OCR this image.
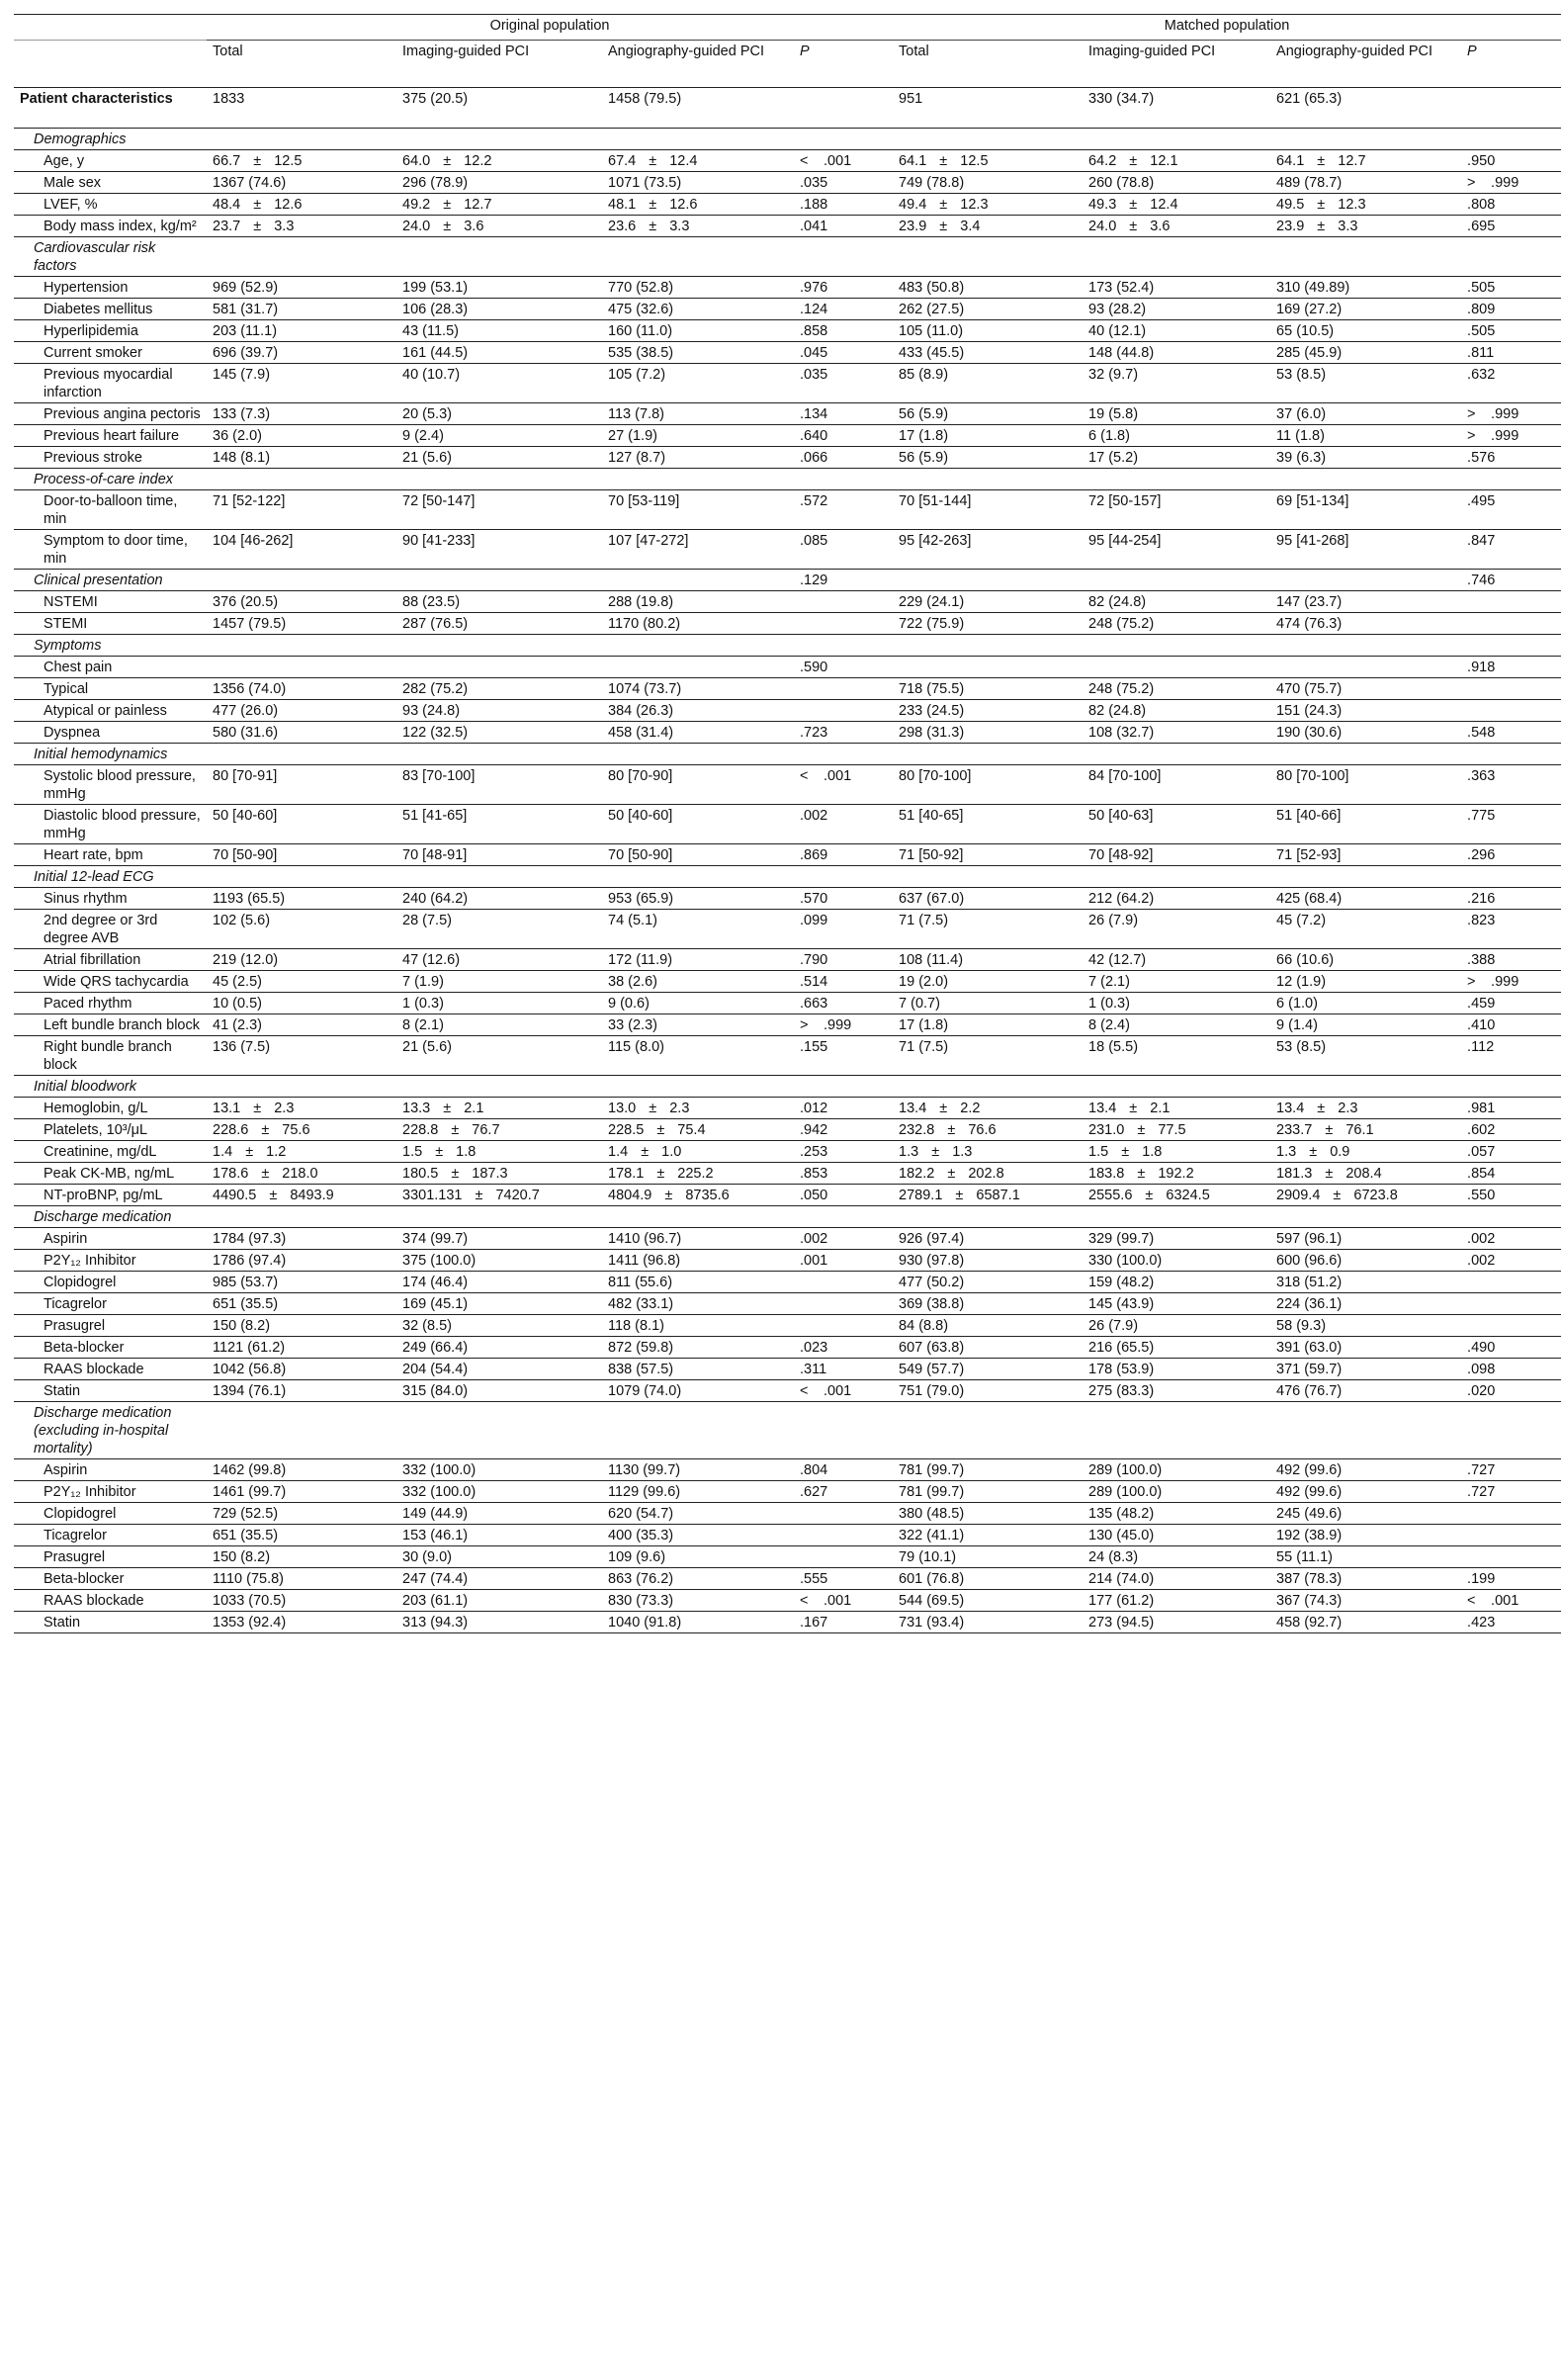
	Original population				Matched population			
	Total	Imaging-guided PCI	Angiography-guided PCI	P	Total	Imaging-guided PCI	Angiography-guided PCI	P
Patient characteristics	1833	375 (20.5)	1458 (79.5)		951	330 (34.7)	621 (65.3)	
Demographics								
Age, y	66.7 ± 12.5	64.0 ± 12.2	67.4 ± 12.4	< .001	64.1 ± 12.5	64.2 ± 12.1	64.1 ± 12.7	.950
Male sex	1367 (74.6)	296 (78.9)	1071 (73.5)	.035	749 (78.8)	260 (78.8)	489 (78.7)	> .999
LVEF, %	48.4 ± 12.6	49.2 ± 12.7	48.1 ± 12.6	.188	49.4 ± 12.3	49.3 ± 12.4	49.5 ± 12.3	.808
Body mass index, kg/m²	23.7 ± 3.3	24.0 ± 3.6	23.6 ± 3.3	.041	23.9 ± 3.4	24.0 ± 3.6	23.9 ± 3.3	.695
Cardiovascular risk factors								
Hypertension	969 (52.9)	199 (53.1)	770 (52.8)	.976	483 (50.8)	173 (52.4)	310 (49.89)	.505
Diabetes mellitus	581 (31.7)	106 (28.3)	475 (32.6)	.124	262 (27.5)	93 (28.2)	169 (27.2)	.809
Hyperlipidemia	203 (11.1)	43 (11.5)	160 (11.0)	.858	105 (11.0)	40 (12.1)	65 (10.5)	.505
Current smoker	696 (39.7)	161 (44.5)	535 (38.5)	.045	433 (45.5)	148 (44.8)	285 (45.9)	.811
Previous myocardial infarction	145 (7.9)	40 (10.7)	105 (7.2)	.035	85 (8.9)	32 (9.7)	53 (8.5)	.632
Previous angina pectoris	133 (7.3)	20 (5.3)	113 (7.8)	.134	56 (5.9)	19 (5.8)	37 (6.0)	> .999
Previous heart failure	36 (2.0)	9 (2.4)	27 (1.9)	.640	17 (1.8)	6 (1.8)	11 (1.8)	> .999
Previous stroke	148 (8.1)	21 (5.6)	127 (8.7)	.066	56 (5.9)	17 (5.2)	39 (6.3)	.576
Process-of-care index								
Door-to-balloon time, min	71 [52-122]	72 [50-147]	70 [53-119]	.572	70 [51-144]	72 [50-157]	69 [51-134]	.495
Symptom to door time, min	104 [46-262]	90 [41-233]	107 [47-272]	.085	95 [42-263]	95 [44-254]	95 [41-268]	.847
Clinical presentation				.129				.746
NSTEMI	376 (20.5)	88 (23.5)	288 (19.8)		229 (24.1)	82 (24.8)	147 (23.7)	
STEMI	1457 (79.5)	287 (76.5)	1170 (80.2)		722 (75.9)	248 (75.2)	474 (76.3)	
Symptoms								
Chest pain				.590				.918
Typical	1356 (74.0)	282 (75.2)	1074 (73.7)		718 (75.5)	248 (75.2)	470 (75.7)	
Atypical or painless	477 (26.0)	93 (24.8)	384 (26.3)		233 (24.5)	82 (24.8)	151 (24.3)	
Dyspnea	580 (31.6)	122 (32.5)	458 (31.4)	.723	298 (31.3)	108 (32.7)	190 (30.6)	.548
Initial hemodynamics								
Systolic blood pressure, mmHg	80 [70-91]	83 [70-100]	80 [70-90]	< .001	80 [70-100]	84 [70-100]	80 [70-100]	.363
Diastolic blood pressure, mmHg	50 [40-60]	51 [41-65]	50 [40-60]	.002	51 [40-65]	50 [40-63]	51 [40-66]	.775
Heart rate, bpm	70 [50-90]	70 [48-91]	70 [50-90]	.869	71 [50-92]	70 [48-92]	71 [52-93]	.296
Initial 12-lead ECG								
Sinus rhythm	1193 (65.5)	240 (64.2)	953 (65.9)	.570	637 (67.0)	212 (64.2)	425 (68.4)	.216
2nd degree or 3rd degree AVB	102 (5.6)	28 (7.5)	74 (5.1)	.099	71 (7.5)	26 (7.9)	45 (7.2)	.823
Atrial fibrillation	219 (12.0)	47 (12.6)	172 (11.9)	.790	108 (11.4)	42 (12.7)	66 (10.6)	.388
Wide QRS tachycardia	45 (2.5)	7 (1.9)	38 (2.6)	.514	19 (2.0)	7 (2.1)	12 (1.9)	> .999
Paced rhythm	10 (0.5)	1 (0.3)	9 (0.6)	.663	7 (0.7)	1 (0.3)	6 (1.0)	.459
Left bundle branch block	41 (2.3)	8 (2.1)	33 (2.3)	> .999	17 (1.8)	8 (2.4)	9 (1.4)	.410
Right bundle branch block	136 (7.5)	21 (5.6)	115 (8.0)	.155	71 (7.5)	18 (5.5)	53 (8.5)	.112
Initial bloodwork								
Hemoglobin, g/L	13.1 ± 2.3	13.3 ± 2.1	13.0 ± 2.3	.012	13.4 ± 2.2	13.4 ± 2.1	13.4 ± 2.3	.981
Platelets, 10³/μL	228.6 ± 75.6	228.8 ± 76.7	228.5 ± 75.4	.942	232.8 ± 76.6	231.0 ± 77.5	233.7 ± 76.1	.602
Creatinine, mg/dL	1.4 ± 1.2	1.5 ± 1.8	1.4 ± 1.0	.253	1.3 ± 1.3	1.5 ± 1.8	1.3 ± 0.9	.057
Peak CK-MB, ng/mL	178.6 ± 218.0	180.5 ± 187.3	178.1 ± 225.2	.853	182.2 ± 202.8	183.8 ± 192.2	181.3 ± 208.4	.854
NT-proBNP, pg/mL	4490.5 ± 8493.9	3301.131 ± 7420.7	4804.9 ± 8735.6	.050	2789.1 ± 6587.1	2555.6 ± 6324.5	2909.4 ± 6723.8	.550
Discharge medication								
Aspirin	1784 (97.3)	374 (99.7)	1410 (96.7)	.002	926 (97.4)	329 (99.7)	597 (96.1)	.002
P2Y₁₂ Inhibitor	1786 (97.4)	375 (100.0)	1411 (96.8)	.001	930 (97.8)	330 (100.0)	600 (96.6)	.002
Clopidogrel	985 (53.7)	174 (46.4)	811 (55.6)		477 (50.2)	159 (48.2)	318 (51.2)	
Ticagrelor	651 (35.5)	169 (45.1)	482 (33.1)		369 (38.8)	145 (43.9)	224 (36.1)	
Prasugrel	150 (8.2)	32 (8.5)	118 (8.1)		84 (8.8)	26 (7.9)	58 (9.3)	
Beta-blocker	1121 (61.2)	249 (66.4)	872 (59.8)	.023	607 (63.8)	216 (65.5)	391 (63.0)	.490
RAAS blockade	1042 (56.8)	204 (54.4)	838 (57.5)	.311	549 (57.7)	178 (53.9)	371 (59.7)	.098
Statin	1394 (76.1)	315 (84.0)	1079 (74.0)	< .001	751 (79.0)	275 (83.3)	476 (76.7)	.020
Discharge medication (excluding in-hospital mortality)								
Aspirin	1462 (99.8)	332 (100.0)	1130 (99.7)	.804	781 (99.7)	289 (100.0)	492 (99.6)	.727
P2Y₁₂ Inhibitor	1461 (99.7)	332 (100.0)	1129 (99.6)	.627	781 (99.7)	289 (100.0)	492 (99.6)	.727
Clopidogrel	729 (52.5)	149 (44.9)	620 (54.7)		380 (48.5)	135 (48.2)	245 (49.6)	
Ticagrelor	651 (35.5)	153 (46.1)	400 (35.3)		322 (41.1)	130 (45.0)	192 (38.9)	
Prasugrel	150 (8.2)	30 (9.0)	109 (9.6)		79 (10.1)	24 (8.3)	55 (11.1)	
Beta-blocker	1110 (75.8)	247 (74.4)	863 (76.2)	.555	601 (76.8)	214 (74.0)	387 (78.3)	.199
RAAS blockade	1033 (70.5)	203 (61.1)	830 (73.3)	< .001	544 (69.5)	177 (61.2)	367 (74.3)	< .001
Statin	1353 (92.4)	313 (94.3)	1040 (91.8)	.167	731 (93.4)	273 (94.5)	458 (92.7)	.423
